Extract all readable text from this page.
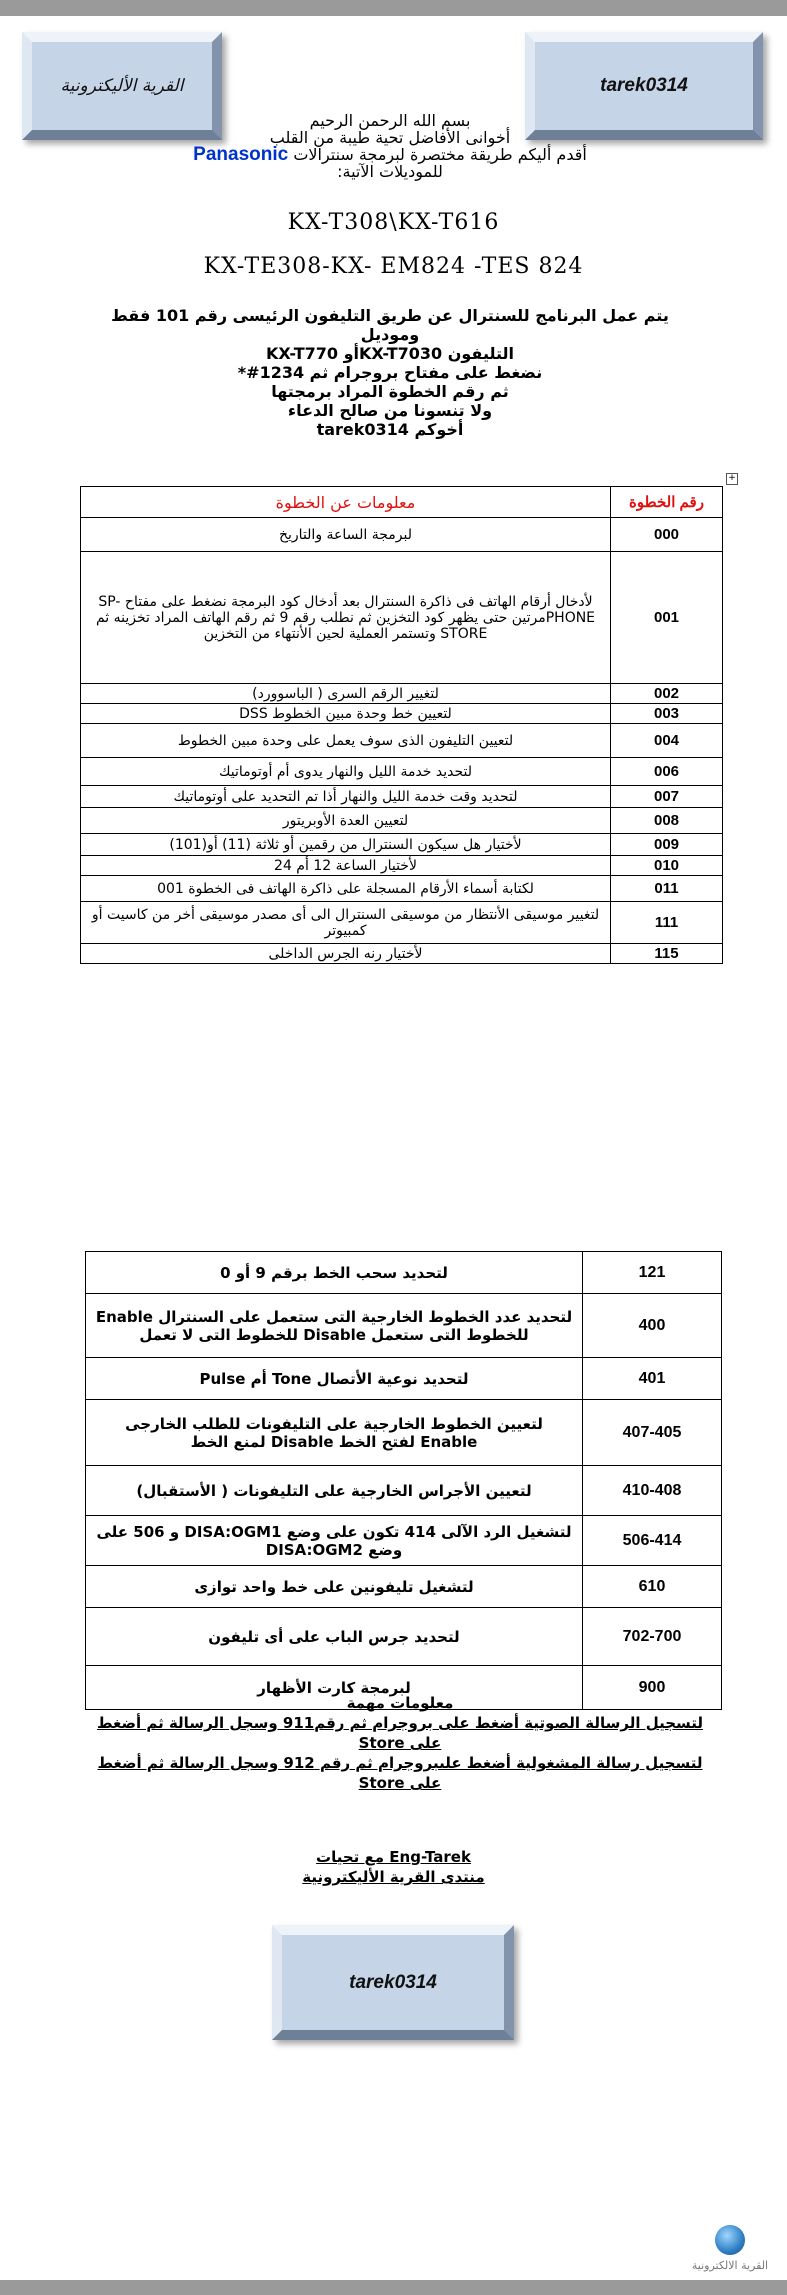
القرية الأليكترونية	tarek0314
بسم الله الرحمن الرحيم
أخوانى الأفاضل تحية طيبة من القلب
أقدم أليكم طريقة مختصرة لبرمجة سنترالات Panasonic
للموديلات الآتية:
KX-T308\KX-T616
KX-TE308-KX- EM824 -TES 824
يتم عمل البرنامج للسنترال عن طريق التليفون الرئيسى رقم 101 فقط وموديل
التليفون KX-T7030أو KX-T770
نضغط على مفتاح بروجرام ثم 1234#*
ثم رقم الخطوة المراد برمجتها
ولا تنسونا من صالح الدعاء
أخوكم tarek0314
+
رقم الخطوة	معلومات عن الخطوة
000	لبرمجة الساعة والتاريخ
001	لأدخال أرقام الهاتف فى ذاكرة السنترال بعد أدخال كود البرمجة نضغط على مفتاح SP-PHONEمرتين حتى يظهر كود التخزين ثم نطلب رقم 9 ثم رقم الهاتف المراد تخزينه ثم STORE وتستمر العملية لحين الأنتهاء من التخزين
002	لتغيير الرقم السرى ( الباسوورد)
003	لتعيين خط وحدة مبين الخطوط DSS
004	لتعيين التليفون الذى سوف يعمل على وحدة مبين الخطوط
006	لتحديد خدمة الليل والنهار يدوى أم أوتوماتيك
007	لتحديد وقت خدمة الليل والنهار أذا تم التحديد على أوتوماتيك
008	لتعيين العدة الأوبريتور
009	لأختيار هل سيكون السنترال من رقمين أو ثلاثة (11) أو(101)
010	لأختيار الساعة 12 أم 24
011	لكتابة أسماء الأرقام المسجلة على ذاكرة الهاتف فى الخطوة 001
111	لتغيير موسيقى الأنتظار من موسيقى السنترال الى أى مصدر موسيقى أخر من كاسيت أو كمبيوتر
115	لأختيار رنه الجرس الداخلى
121	لتحديد سحب الخط برقم 9 أو 0
400	لتحديد عدد الخطوط الخارجية التى ستعمل على السنترال Enable للخطوط التى ستعمل Disable للخطوط التى لا تعمل
401	لتحديد نوعية الأتصال Tone أم Pulse
407-405	لتعيين الخطوط الخارجية على التليفونات للطلب الخارجى Enable لفتح الخط Disable لمنع الخط
410-408	لتعيين الأجراس الخارجية على التليفونات ( الأستقبال)
506-414	لتشغيل الرد الآلى 414 تكون على وضع DISA:OGM1 و 506 على وضع DISA:OGM2
610	لتشغيل تليفونين على خط واحد توازى
702-700	لتحديد جرس الباب على أى تليفون
900	لبرمجة كارت الأظهار
معلومات مهمة
لتسجيل الرسالة الصوتية أضغط على بروجرام ثم رقم911 وسجل الرسالة ثم أضغط على Store
لتسجيل رسالة المشغولية أضغط علىبروجرام ثم رقم 912 وسجل الرسالة ثم أضغط على Store
مع تحيات Eng-Tarek
منتدى القرية الأليكترونية
tarek0314
القرية الالكترونية
